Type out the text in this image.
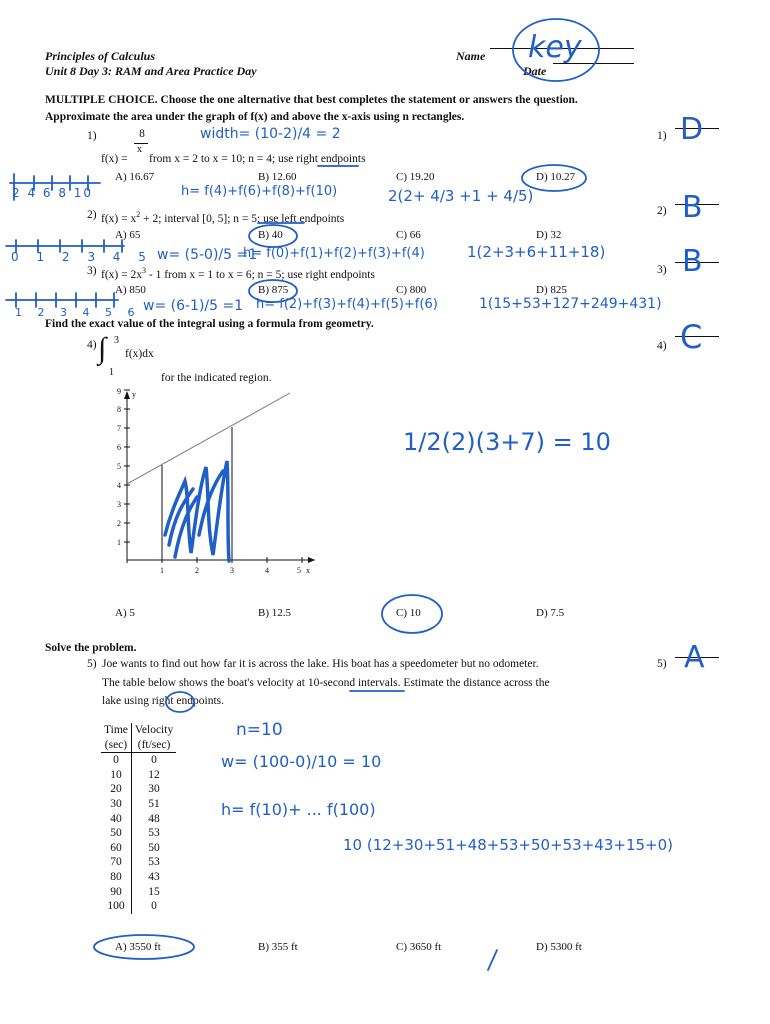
Principles of Calculus
Unit 8 Day 3: RAM and Area Practice Day
Name
Date
MULTIPLE CHOICE. Choose the one alternative that best completes the statement or answers the question.
Approximate the area under the graph of f(x) and above the x-axis using n rectangles.
1)	8
x
f(x) = from x = 2 to x = 10; n = 4; use right endpoints
A) 16.67	B) 12.60	C) 19.20	D) 10.27
1)
2) $f(x) = x^2 + 2$; interval [0, 5]; n = 5; use left endpoints
A) 65	B) 40	C) 66	D) 32
2)
3) $f(x) = 2x^3 - 1$ from x = 1 to x = 6; n = 5; use right endpoints
A) 850	B) 875	C) 800	D) 825
3)
Find the exact value of the integral using a formula from geometry.
4) ∫ 3
1
f(x)dx
for the indicated region.
4)
1	2	3	4	5 x
1
2
3
4
5
6
7
8
9 y
A) 5	B) 12.5	C) 10	D) 7.5
Solve the problem.
5) Joe wants to find out how far it is across the lake. His boat has a speedometer but no odometer.
The table below shows the boat's velocity at 10-second intervals. Estimate the distance across the
lake using right endpoints.
5)
Time	Velocity
(sec)	(ft/sec)
0	0
10	12
20	30
30	51
40	48
50	53
60	50
70	53
80	43
90	15
100	0
A) 3550 ft	B) 355 ft	C) 3650 ft	D) 5300 ft
key
D
B
B
C
A
width= (10-2)/4 = 2
h= f(4)+f(6)+f(8)+f(10)	2(2+ 4/3 +1 + 4/5)
2 4 6 8 10
w= (5-0)/5 =1
h= f(0)+f(1)+f(2)+f(3)+f(4)	1(2+3+6+11+18)
0 1 2 3 4 5
w= (6-1)/5 =1 h= f(2)+f(3)+f(4)+f(5)+f(6)	1(15+53+127+249+431)
1 2 3 4 5 6
1/2(2)(3+7) = 10
n=10
w= (100-0)/10 = 10
h= f(10)+ ... f(100)
10 (12+30+51+48+53+50+53+43+15+0)
